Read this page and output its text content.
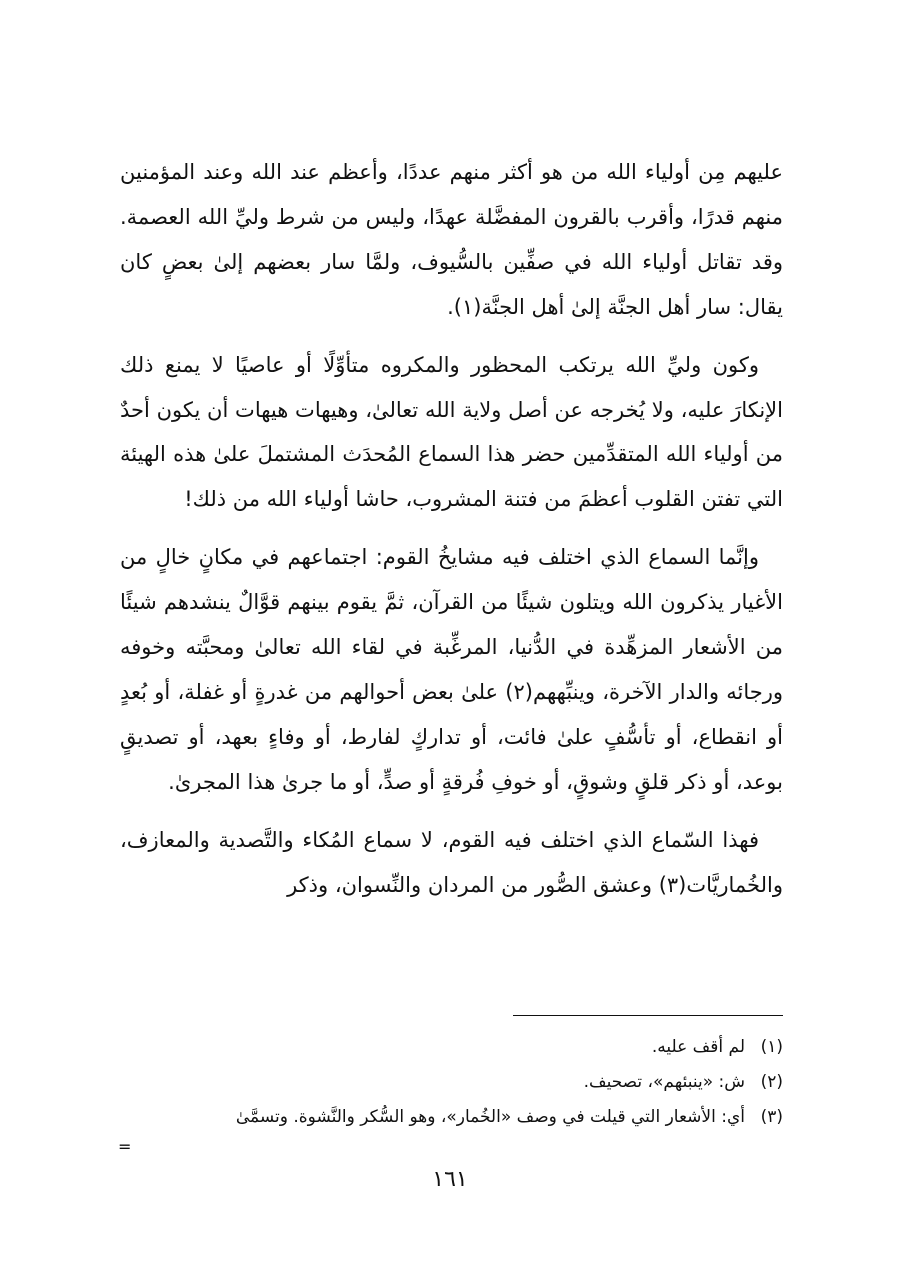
عليهم مِن أولياء الله من هو أكثر منهم عددًا، وأعظم عند الله وعند المؤمنين منهم قدرًا، وأقرب بالقرون المفضَّلة عهدًا، وليس من شرط وليِّ الله العصمة. وقد تقاتل أولياء الله في صفِّين بالسُّيوف، ولمَّا سار بعضهم إلىٰ بعضٍ كان يقال: سار أهل الجنَّة إلىٰ أهل الجنَّة(١).

وكون وليِّ الله يرتكب المحظور والمكروه متأوِّلًا أو عاصيًا لا يمنع ذلك الإنكارَ عليه، ولا يُخرجه عن أصل ولاية الله تعالىٰ، وهيهات هيهات أن يكون أحدٌ من أولياء الله المتقدِّمين حضر هذا السماع المُحدَث المشتملَ علىٰ هذه الهيئة التي تفتن القلوب أعظمَ من فتنة المشروب، حاشا أولياء الله من ذلك!

وإنَّما السماع الذي اختلف فيه مشايخُ القوم: اجتماعهم في مكانٍ خالٍ من الأغيار يذكرون الله ويتلون شيئًا من القرآن، ثمَّ يقوم بينهم قوَّالٌ ينشدهم شيئًا من الأشعار المزهِّدة في الدُّنيا، المرغِّبة في لقاء الله تعالىٰ ومحبَّته وخوفه ورجائه والدار الآخرة، وينبِّههم(٢) علىٰ بعض أحوالهم من غدرةٍ أو غفلة، أو بُعدٍ أو انقطاع، أو تأسُّفٍ علىٰ فائت، أو تداركٍ لفارط، أو وفاءٍ بعهد، أو تصديقٍ بوعد، أو ذكر قلقٍ وشوقٍ، أو خوفِ فُرقةٍ أو صدٍّ، أو ما جرىٰ هذا المجرىٰ.

فهذا السّماع الذي اختلف فيه القوم، لا سماع المُكاء والتَّصدية والمعازف، والخُماريَّات(٣) وعشق الصُّور من المردان والنِّسوان، وذكر

(١)
لم أقف عليه.
(٢)
ش: «ينبئهم»، تصحيف.
(٣)
أي: الأشعار التي قيلت في وصف «الخُمار»، وهو السُّكر والنَّشوة. وتسمَّىٰ
=
١٦١
